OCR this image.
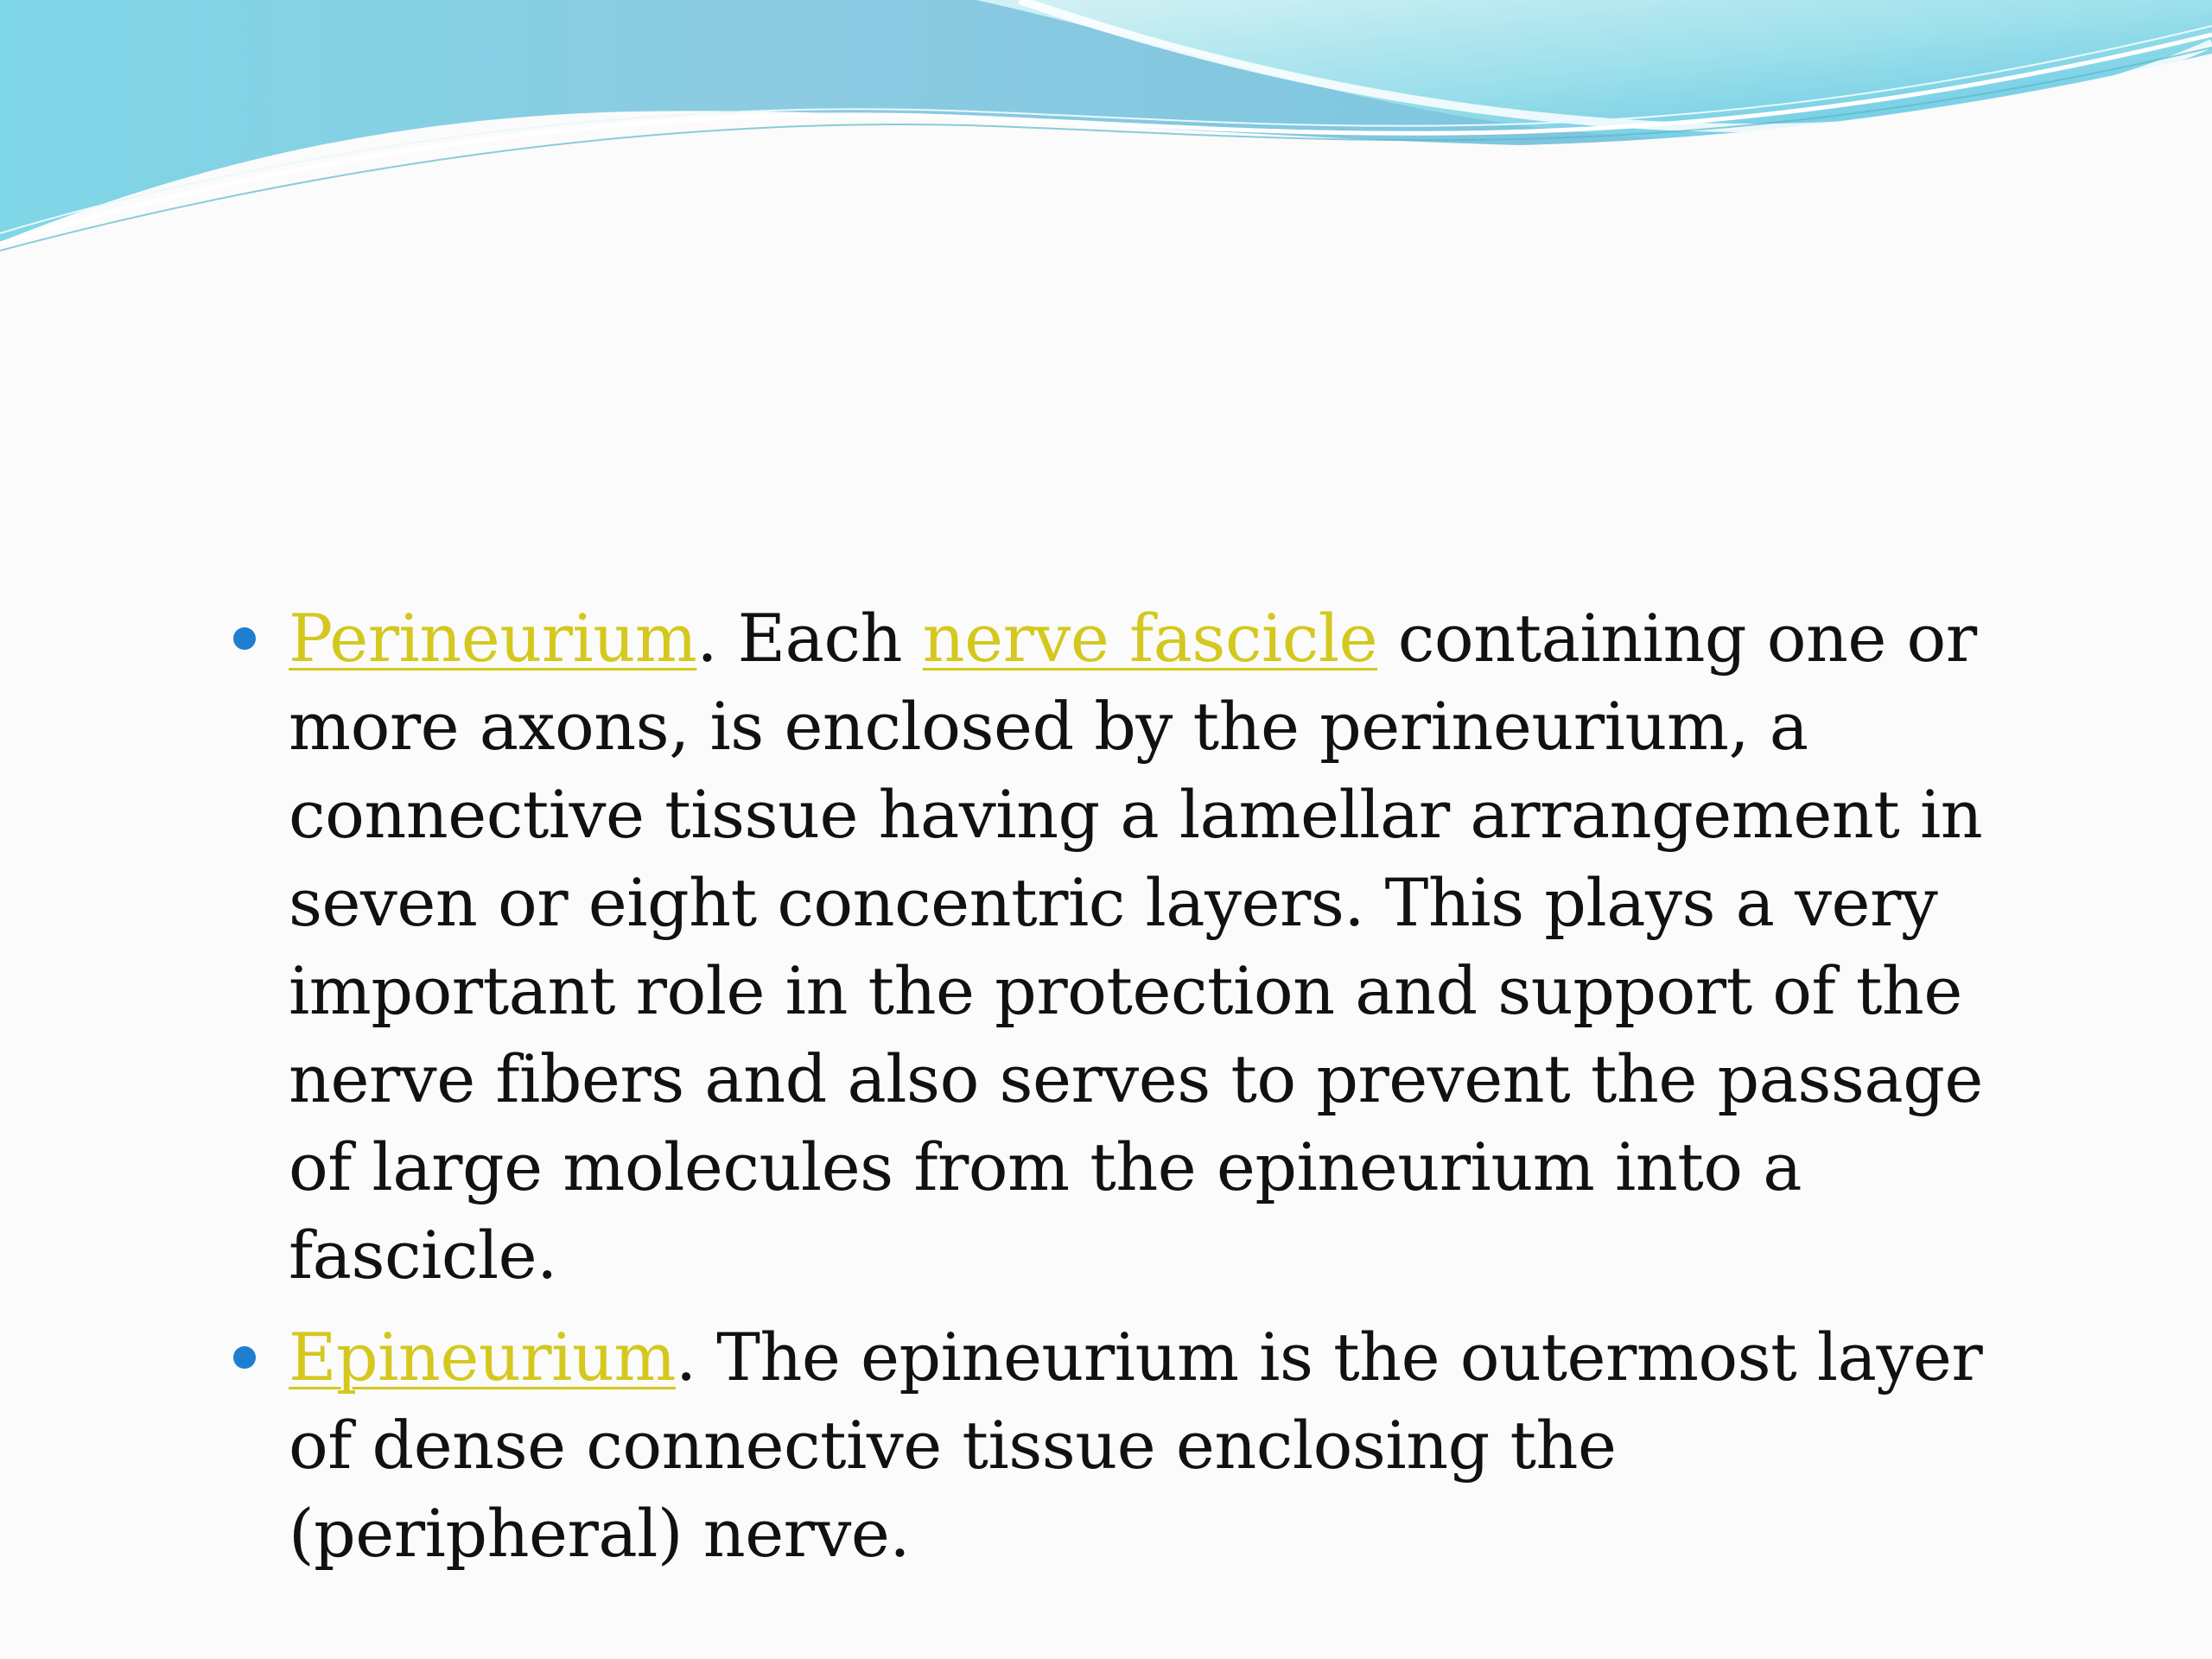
Perineurium. Each nerve fascicle containing one or more axons, is enclosed by the perineurium, a connective tissue having a lamellar arrangement in seven or eight concentric layers. This plays a very important role in the protection and support of the nerve fibers and also serves to prevent the passage of large molecules from the epineurium into a fascicle.
Epineurium. The epineurium is the outermost layer of dense connective tissue enclosing the (peripheral) nerve.
